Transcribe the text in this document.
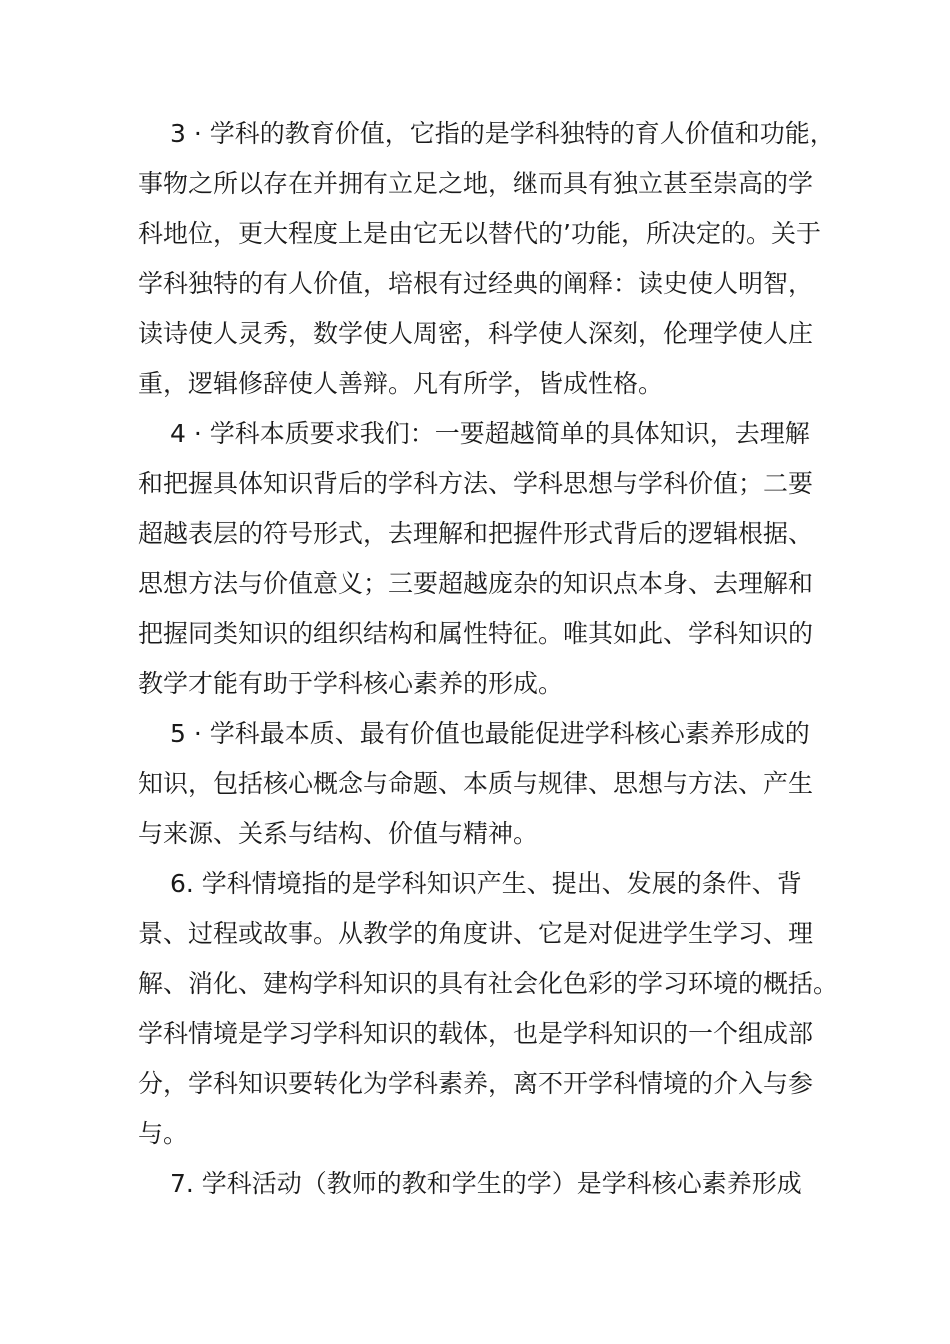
3 · 学科的教育价值，它指的是学科独特的育人价值和功能，
事物之所以存在并拥有立足之地，继而具有独立甚至崇高的学
科地位，更大程度上是由它无以替代的’功能，所决定的。关于
学科独特的有人价值，培根有过经典的阐释：读史使人明智，
读诗使人灵秀，数学使人周密，科学使人深刻，伦理学使人庄
重，逻辑修辞使人善辩。凡有所学，皆成性格。
4 · 学科本质要求我们：一要超越简单的具体知识，去理解
和把握具体知识背后的学科方法、学科思想与学科价值；二要
超越表层的符号形式，去理解和把握件形式背后的逻辑根据、
思想方法与价值意义；三要超越庞杂的知识点本身、去理解和
把握同类知识的组织结构和属性特征。唯其如此、学科知识的
教学才能有助于学科核心素养的形成。
5 · 学科最本质、最有价值也最能促进学科核心素养形成的
知识，包括核心概念与命题、本质与规律、思想与方法、产生
与来源、关系与结构、价值与精神。
6. 学科情境指的是学科知识产生、提出、发展的条件、背
景、过程或故事。从教学的角度讲、它是对促进学生学习、理
解、消化、建构学科知识的具有社会化色彩的学习环境的概括。
学科情境是学习学科知识的载体，也是学科知识的一个组成部
分，学科知识要转化为学科素养，离不开学科情境的介入与参
与。
7. 学科活动（教师的教和学生的学）是学科核心素养形成
